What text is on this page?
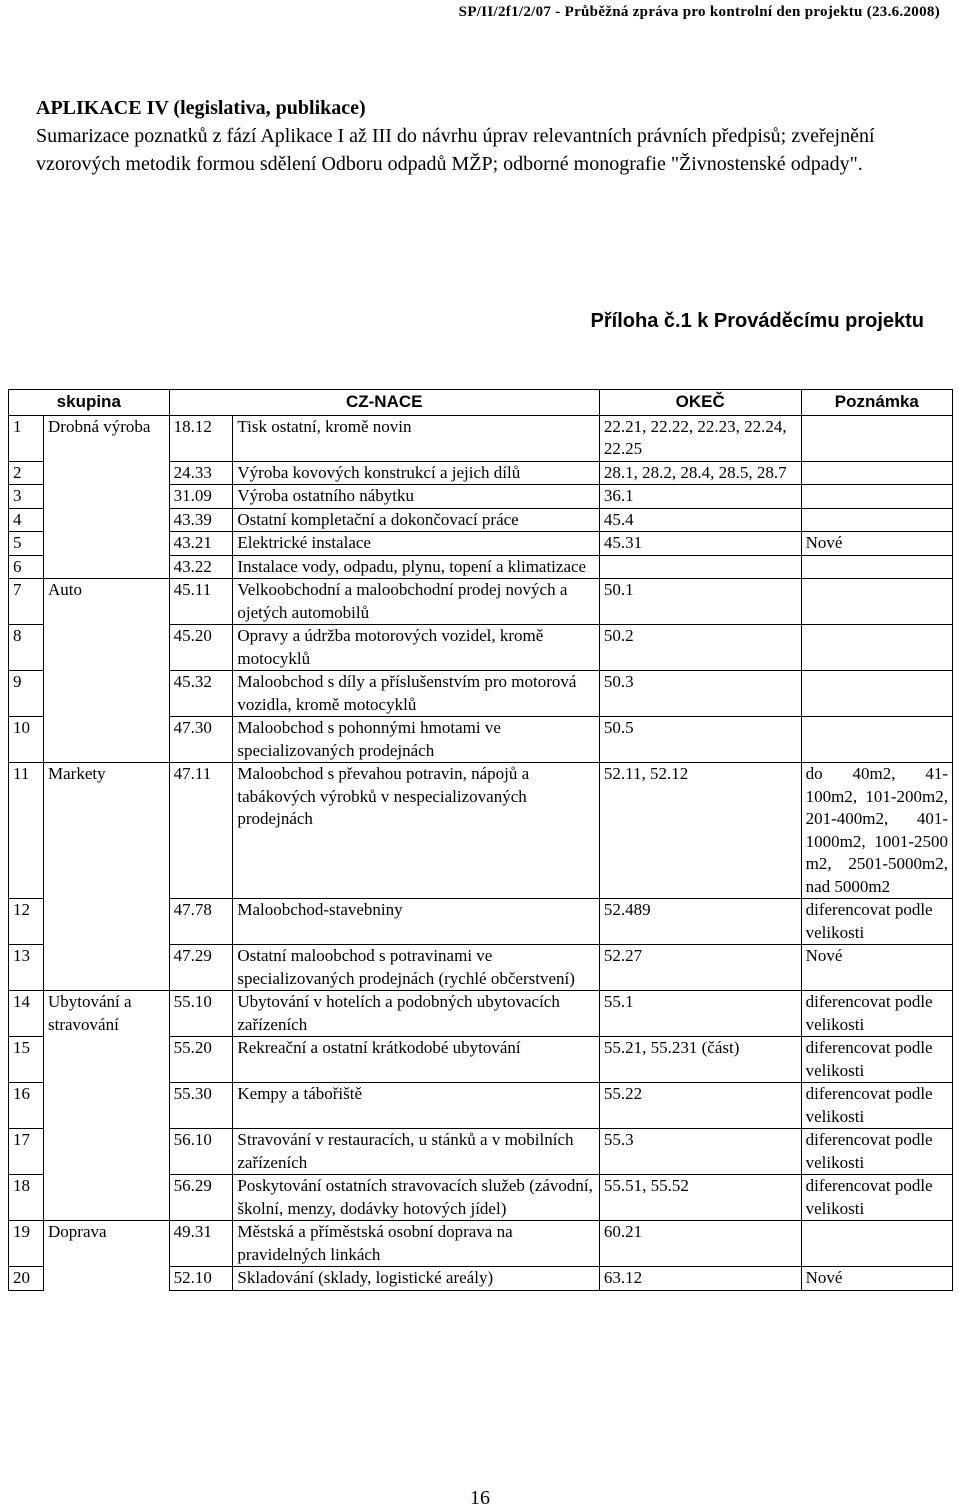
SP/II/2f1/2/07 - Průběžná zpráva pro kontrolní den projektu (23.6.2008)
APLIKACE IV (legislativa, publikace)
Sumarizace poznatků z fází Aplikace I až III do návrhu úprav relevantních právních předpisů; zveřejnění vzorových metodik formou sdělení Odboru odpadů MŽP; odborné monografie "Živnostenské odpady".
Příloha č.1 k Prováděcímu projektu
skupina		CZ-NACE		OKEČ	Poznámka
1	Drobná výroba	18.12	Tisk ostatní, kromě novin	22.21, 22.22, 22.23, 22.24, 22.25	
2		24.33	Výroba kovových konstrukcí a jejich dílů	28.1, 28.2, 28.4, 28.5, 28.7	
3		31.09	Výroba ostatního nábytku	36.1	
4		43.39	Ostatní kompletační a dokončovací práce	45.4	
5		43.21	Elektrické instalace	45.31	Nové
6		43.22	Instalace vody, odpadu, plynu, topení a klimatizace		
7	Auto	45.11	Velkoobchodní a maloobchodní prodej nových a ojetých automobilů	50.1	
8		45.20	Opravy a údržba motorových vozidel, kromě motocyklů	50.2	
9		45.32	Maloobchod s díly a příslušenstvím pro motorová vozidla, kromě motocyklů	50.3	
10		47.30	Maloobchod s pohonnými hmotami ve specializovaných prodejnách	50.5	
11	Markety	47.11	Maloobchod s převahou potravin, nápojů a tabákových výrobků v nespecializovaných prodejnách	52.11, 52.12	do 40m2, 41-100m2, 101-200m2, 201-400m2, 401-1000m2, 1001-2500 m2, 2501-5000m2, nad 5000m2
12		47.78	Maloobchod-stavebniny	52.489	diferencovat podle velikosti
13		47.29	Ostatní maloobchod s potravinami ve specializovaných prodejnách (rychlé občerstvení)	52.27	Nové
14	Ubytování a stravování	55.10	Ubytování v hotelích a podobných ubytovacích zařízeních	55.1	diferencovat podle velikosti
15		55.20	Rekreační a ostatní krátkodobé ubytování	55.21, 55.231 (část)	diferencovat podle velikosti
16		55.30	Kempy a tábořiště	55.22	diferencovat podle velikosti
17		56.10	Stravování v restauracích, u stánků a v mobilních zařízeních	55.3	diferencovat podle velikosti
18		56.29	Poskytování ostatních stravovacích služeb (závodní, školní, menzy, dodávky hotových jídel)	55.51, 55.52	diferencovat podle velikosti
19	Doprava	49.31	Městská a příměstská osobní doprava na pravidelných linkách	60.21	
20		52.10	Skladování (sklady, logistické areály)	63.12	Nové
16
